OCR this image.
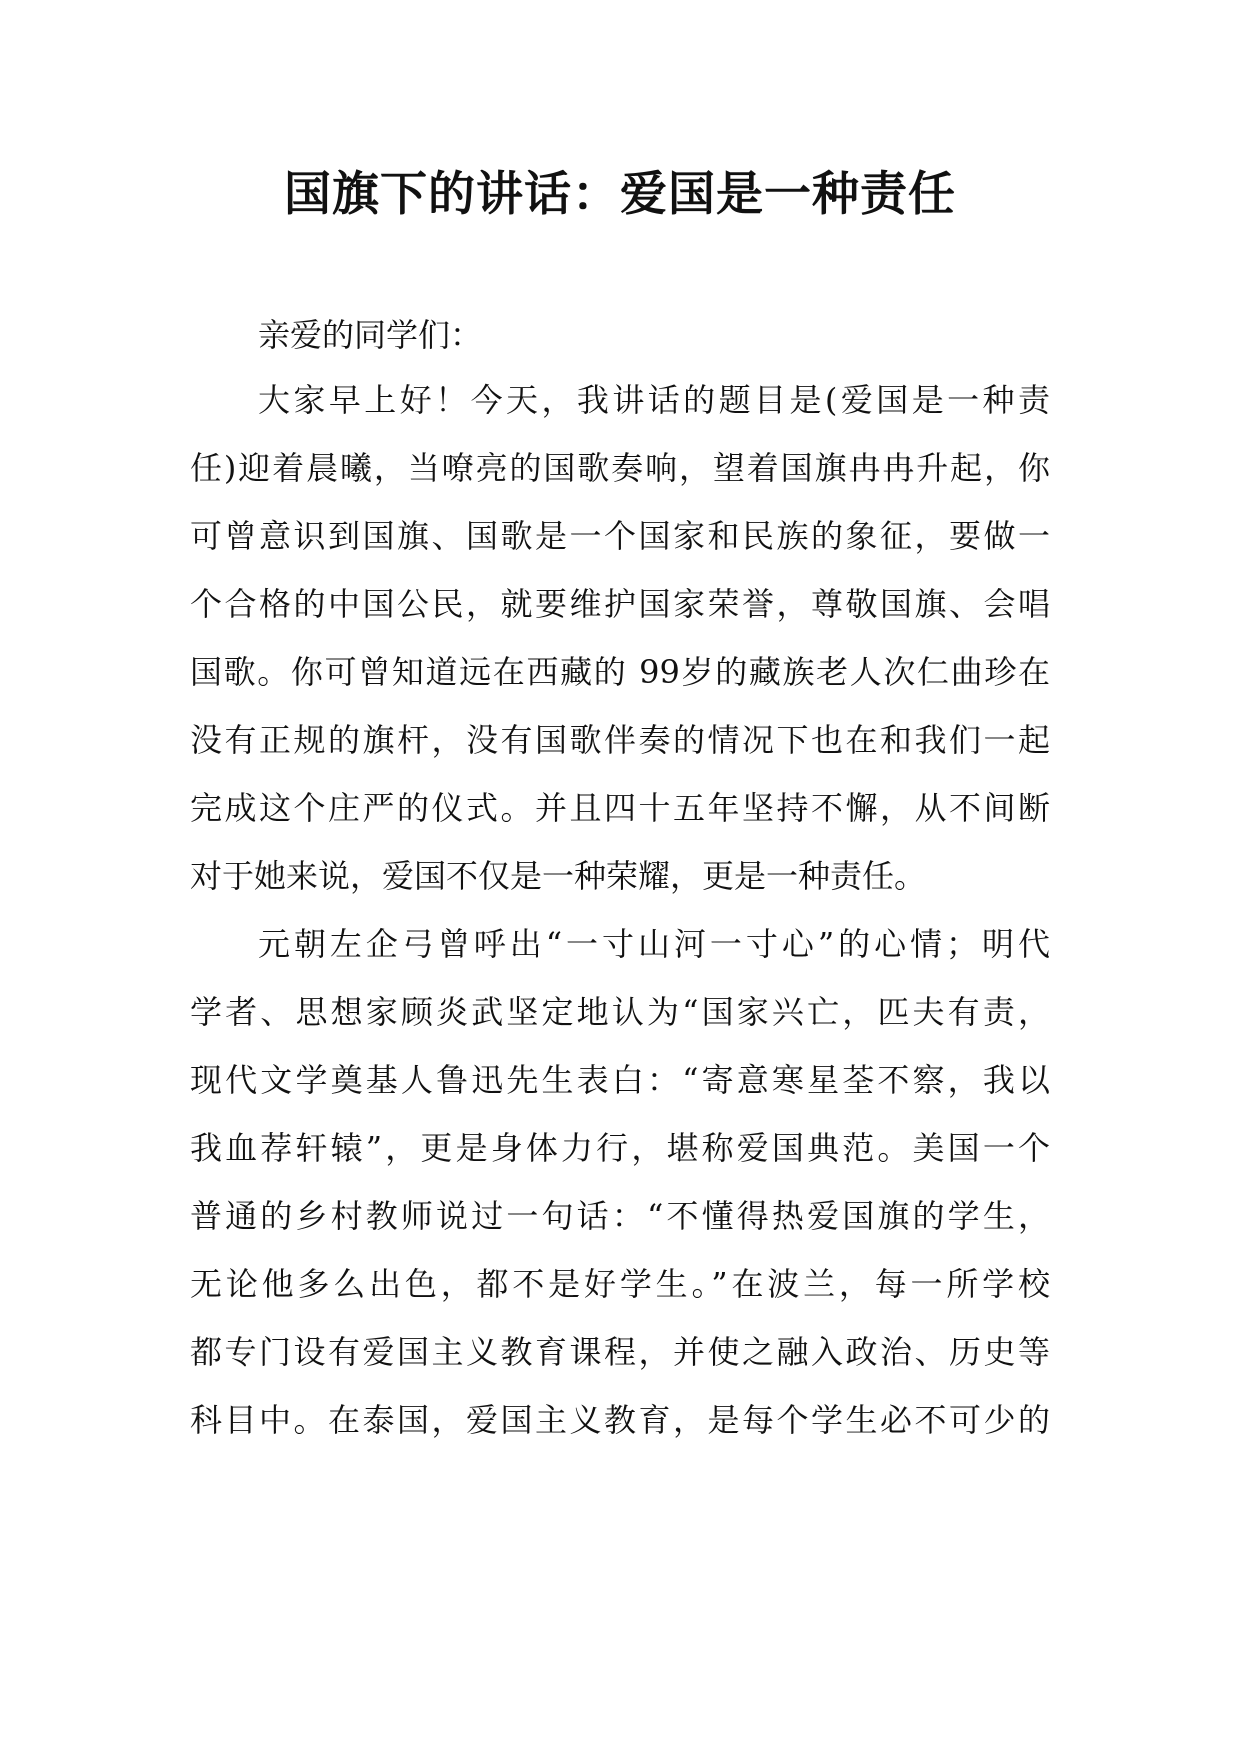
国旗下的讲话：爱国是一种责任

亲爱的同学们：

大家早上好！今天，我讲话的题目是(爱国是一种责

任)迎着晨曦，当嘹亮的国歌奏响，望着国旗冉冉升起，你

可曾意识到国旗、国歌是一个国家和民族的象征，要做一

个合格的中国公民，就要维护国家荣誉，尊敬国旗、会唱

国歌。你可曾知道远在西藏的 99岁的藏族老人次仁曲珍在

没有正规的旗杆，没有国歌伴奏的情况下也在和我们一起

完成这个庄严的仪式。并且四十五年坚持不懈，从不间断

对于她来说，爱国不仅是一种荣耀，更是一种责任。

元朝左企弓曾呼出“一寸山河一寸心”的心情；明代

学者、思想家顾炎武坚定地认为“国家兴亡，匹夫有责，

现代文学奠基人鲁迅先生表白：“寄意寒星荃不察，我以

我血荐轩辕”，更是身体力行，堪称爱国典范。美国一个

普通的乡村教师说过一句话：“不懂得热爱国旗的学生，

无论他多么出色，都不是好学生。”在波兰，每一所学校

都专门设有爱国主义教育课程，并使之融入政治、历史等

科目中。在泰国，爱国主义教育，是每个学生必不可少的
